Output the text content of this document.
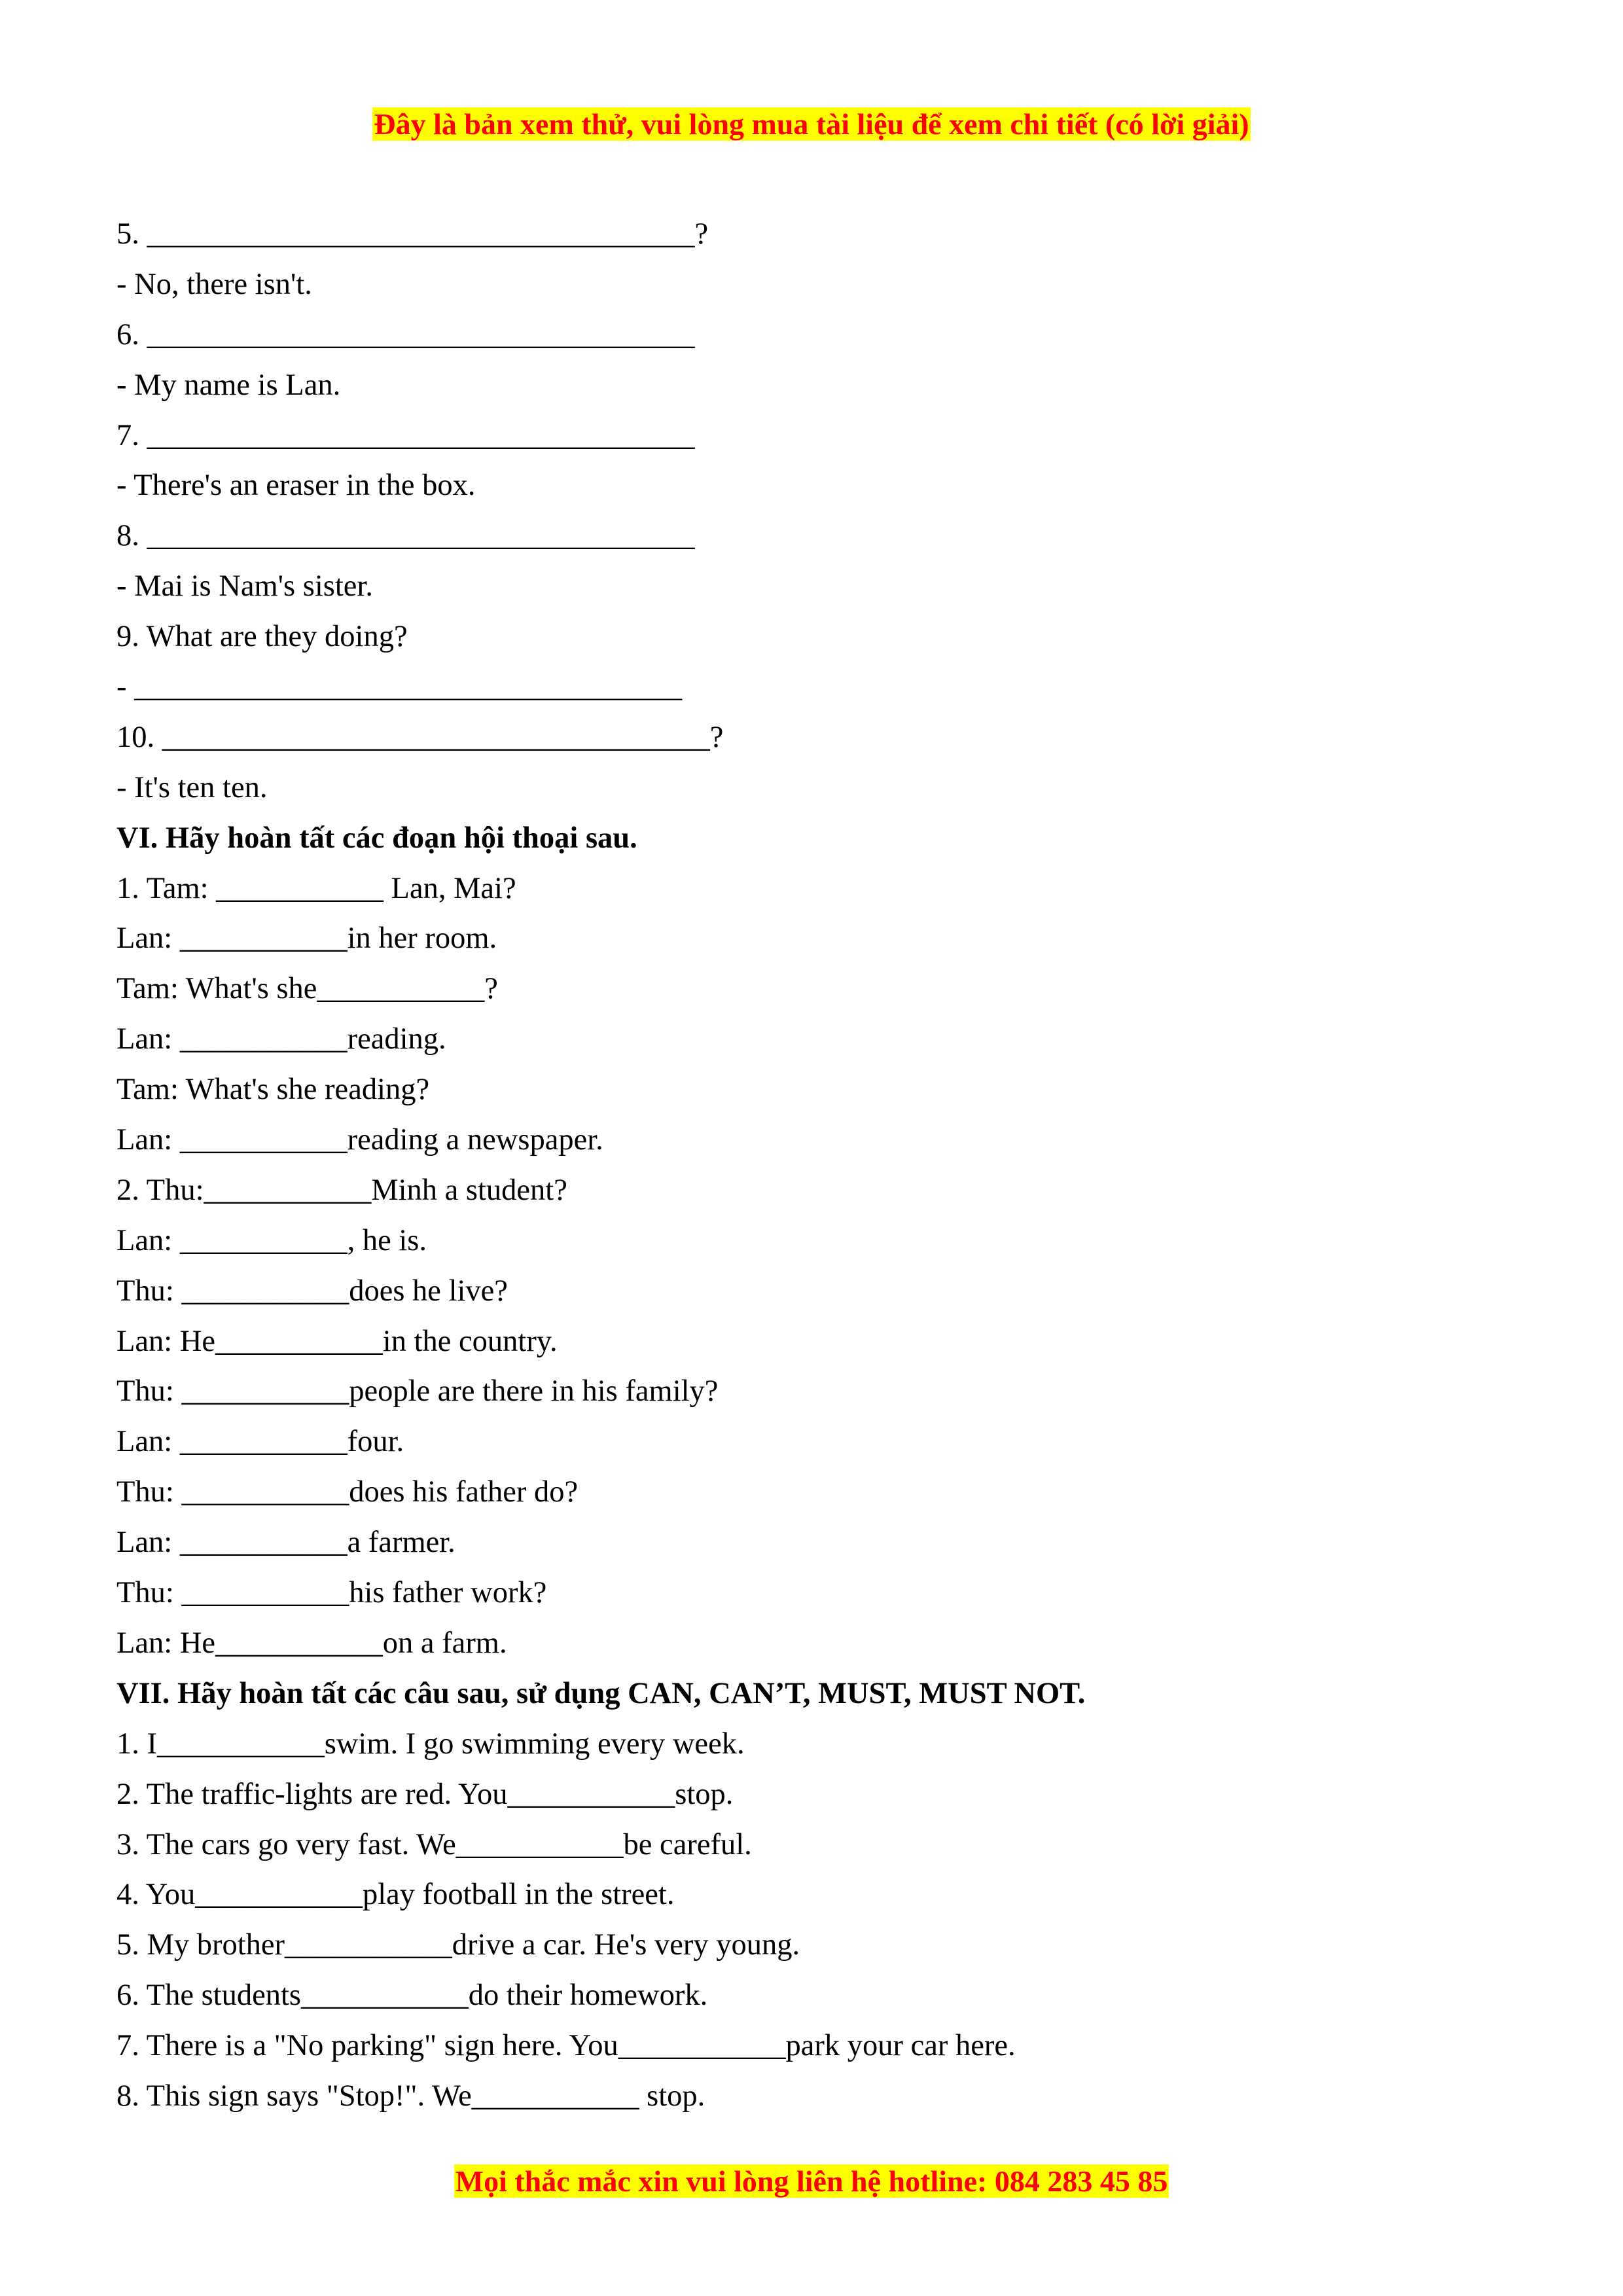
Đây là bản xem thử, vui lòng mua tài liệu để xem chi tiết (có lời giải)
5. ____________________________________?
- No, there isn't.
6. ____________________________________
- My name is Lan.
7. ____________________________________
- There's an eraser in the box.
8. ____________________________________
- Mai is Nam's sister.
9. What are they doing?
- ____________________________________
10. ____________________________________?
- It's ten ten.
VI. Hãy hoàn tất các đoạn hội thoại sau.
1. Tam: ___________ Lan, Mai?
Lan: ___________in her room.
Tam: What's she___________?
Lan: ___________reading.
Tam: What's she reading?
Lan: ___________reading a newspaper.
2. Thu:___________Minh a student?
Lan: ___________, he is.
Thu: ___________does he live?
Lan: He___________in the country.
Thu: ___________people are there in his family?
Lan: ___________four.
Thu: ___________does his father do?
Lan: ___________a farmer.
Thu: ___________his father work?
Lan: He___________on a farm.
VII. Hãy hoàn tất các câu sau, sử dụng CAN, CAN’T, MUST, MUST NOT.
1. I___________swim. I go swimming every week.
2. The traffic-lights are red. You___________stop.
3. The cars go very fast. We___________be careful.
4. You___________play football in the street.
5. My brother___________drive a car. He's very young.
6. The students___________do their homework.
7. There is a "No parking" sign here. You___________park your car here.
8. This sign says "Stop!". We___________ stop.
Mọi thắc mắc xin vui lòng liên hệ hotline: 084 283 45 85
